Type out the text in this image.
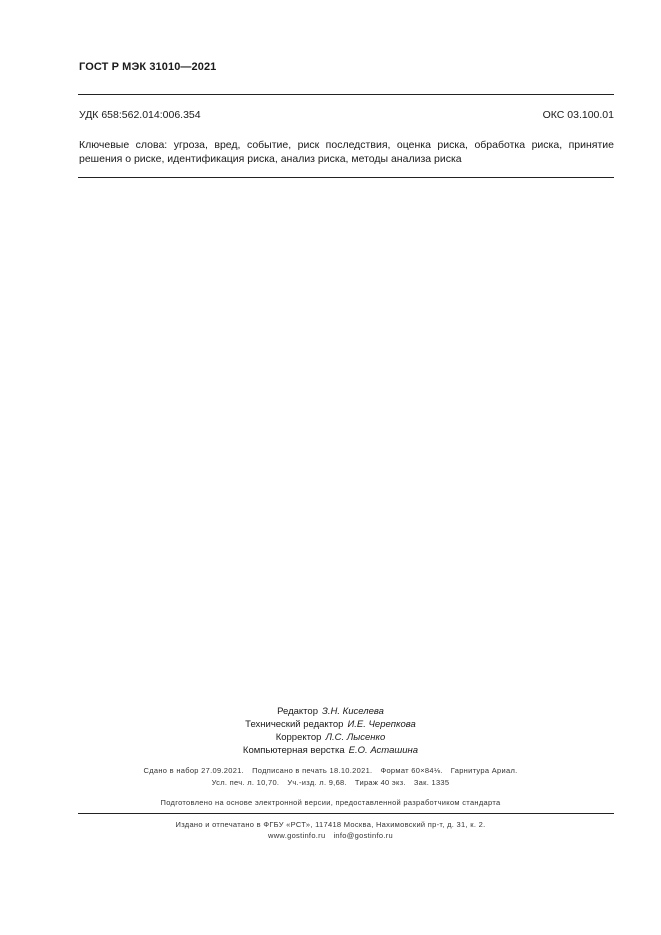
ГОСТ Р МЭК 31010—2021
УДК 658:562.014:006.354	ОКС 03.100.01
Ключевые слова: угроза, вред, событие, риск последствия, оценка риска, обработка риска, принятие решения о риске, идентификация риска, анализ риска, методы анализа риска
Редактор З.Н. Киселева
Технический редактор И.Е. Черепкова
Корректор Л.С. Лысенко
Компьютерная верстка Е.О. Асташина
Сдано в набор 27.09.2021. Подписано в печать 18.10.2021. Формат 60×84⅛. Гарнитура Ариал.
Усл. печ. л. 10,70. Уч.-изд. л. 9,68. Тираж 40 экз. Зак. 1335
Подготовлено на основе электронной версии, предоставленной разработчиком стандарта
Издано и отпечатано в ФГБУ «РСТ», 117418 Москва, Нахимовский пр-т, д. 31, к. 2.
www.gostinfo.ru info@gostinfo.ru
